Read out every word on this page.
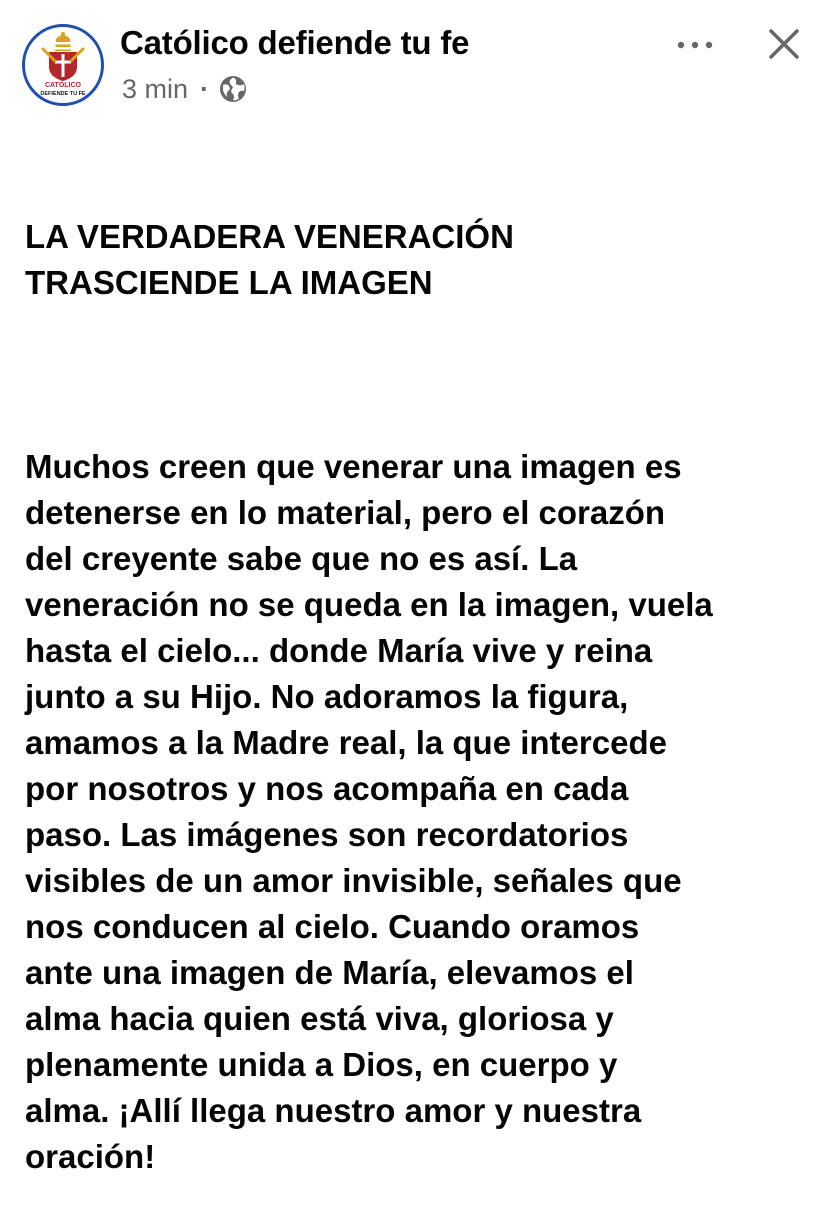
CATÓLICO
DEFIENDE TU FE
Católico defiende tu fe
3 min ·

LA VERDADERA VENERACIÓN
TRASCIENDE LA IMAGEN

Muchos creen que venerar una imagen es
detenerse en lo material, pero el corazón
del creyente sabe que no es así. La
veneración no se queda en la imagen, vuela
hasta el cielo... donde María vive y reina
junto a su Hijo. No adoramos la figura,
amamos a la Madre real, la que intercede
por nosotros y nos acompaña en cada
paso. Las imágenes son recordatorios
visibles de un amor invisible, señales que
nos conducen al cielo. Cuando oramos
ante una imagen de María, elevamos el
alma hacia quien está viva, gloriosa y
plenamente unida a Dios, en cuerpo y
alma. ¡Allí llega nuestro amor y nuestra
oración!
